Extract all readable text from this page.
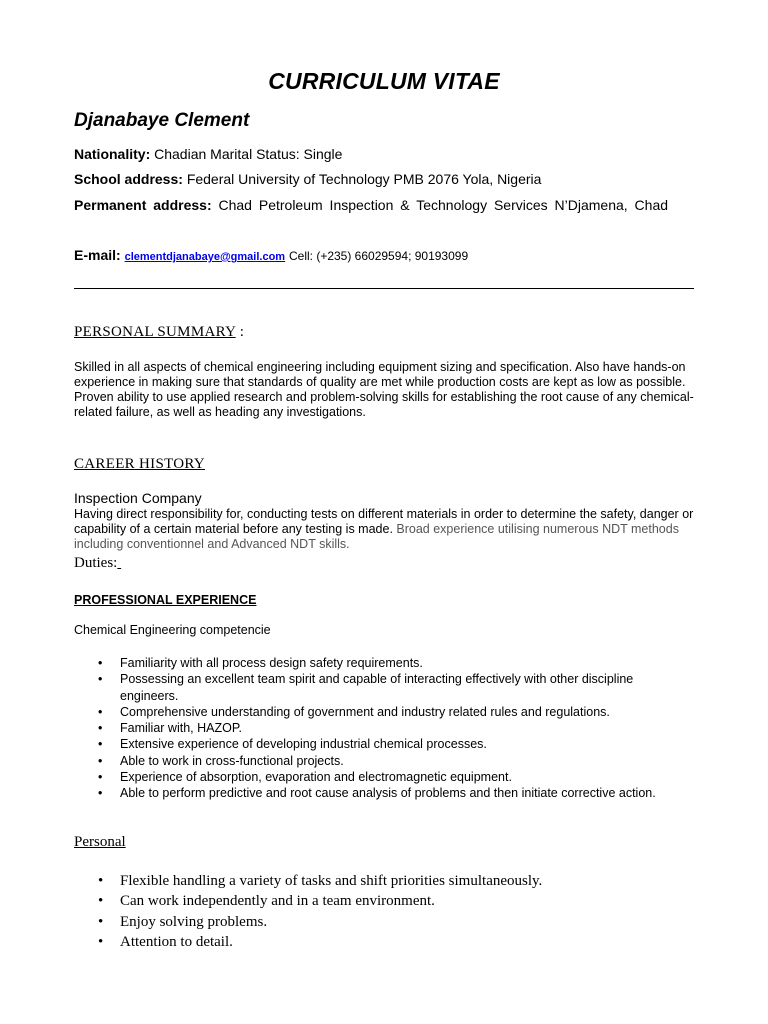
CURRICULUM VITAE
Djanabaye Clement
Nationality: Chadian Marital Status: Single
School address: Federal University of Technology PMB 2076 Yola, Nigeria
Permanent address: Chad Petroleum Inspection & Technology Services N’Djamena, Chad
E-mail: clementdjanabaye@gmail.com Cell: (+235) 66029594; 90193099
PERSONAL SUMMARY :
Skilled in all aspects of chemical engineering including equipment sizing and specification. Also have hands-on experience in making sure that standards of quality are met while production costs are kept as low as possible. Proven ability to use applied research and problem-solving skills for establishing the root cause of any chemical-related failure, as well as heading any investigations.
CAREER HISTORY
Inspection Company
Having direct responsibility for, conducting tests on different materials in order to determine the safety, danger or capability of a certain material before any testing is made. Broad experience utilising numerous NDT methods including conventionnel and Advanced NDT skills.
Duties:
PROFESSIONAL EXPERIENCE
Chemical Engineering competencie
• Familiarity with all process design safety requirements.
• Possessing an excellent team spirit and capable of interacting effectively with other discipline engineers.
• Comprehensive understanding of government and industry related rules and regulations.
• Familiar with, HAZOP.
• Extensive experience of developing industrial chemical processes.
• Able to work in cross-functional projects.
• Experience of absorption, evaporation and electromagnetic equipment.
• Able to perform predictive and root cause analysis of problems and then initiate corrective action.
Personal
• Flexible handling a variety of tasks and shift priorities simultaneously.
• Can work independently and in a team environment.
• Enjoy solving problems.
• Attention to detail.
